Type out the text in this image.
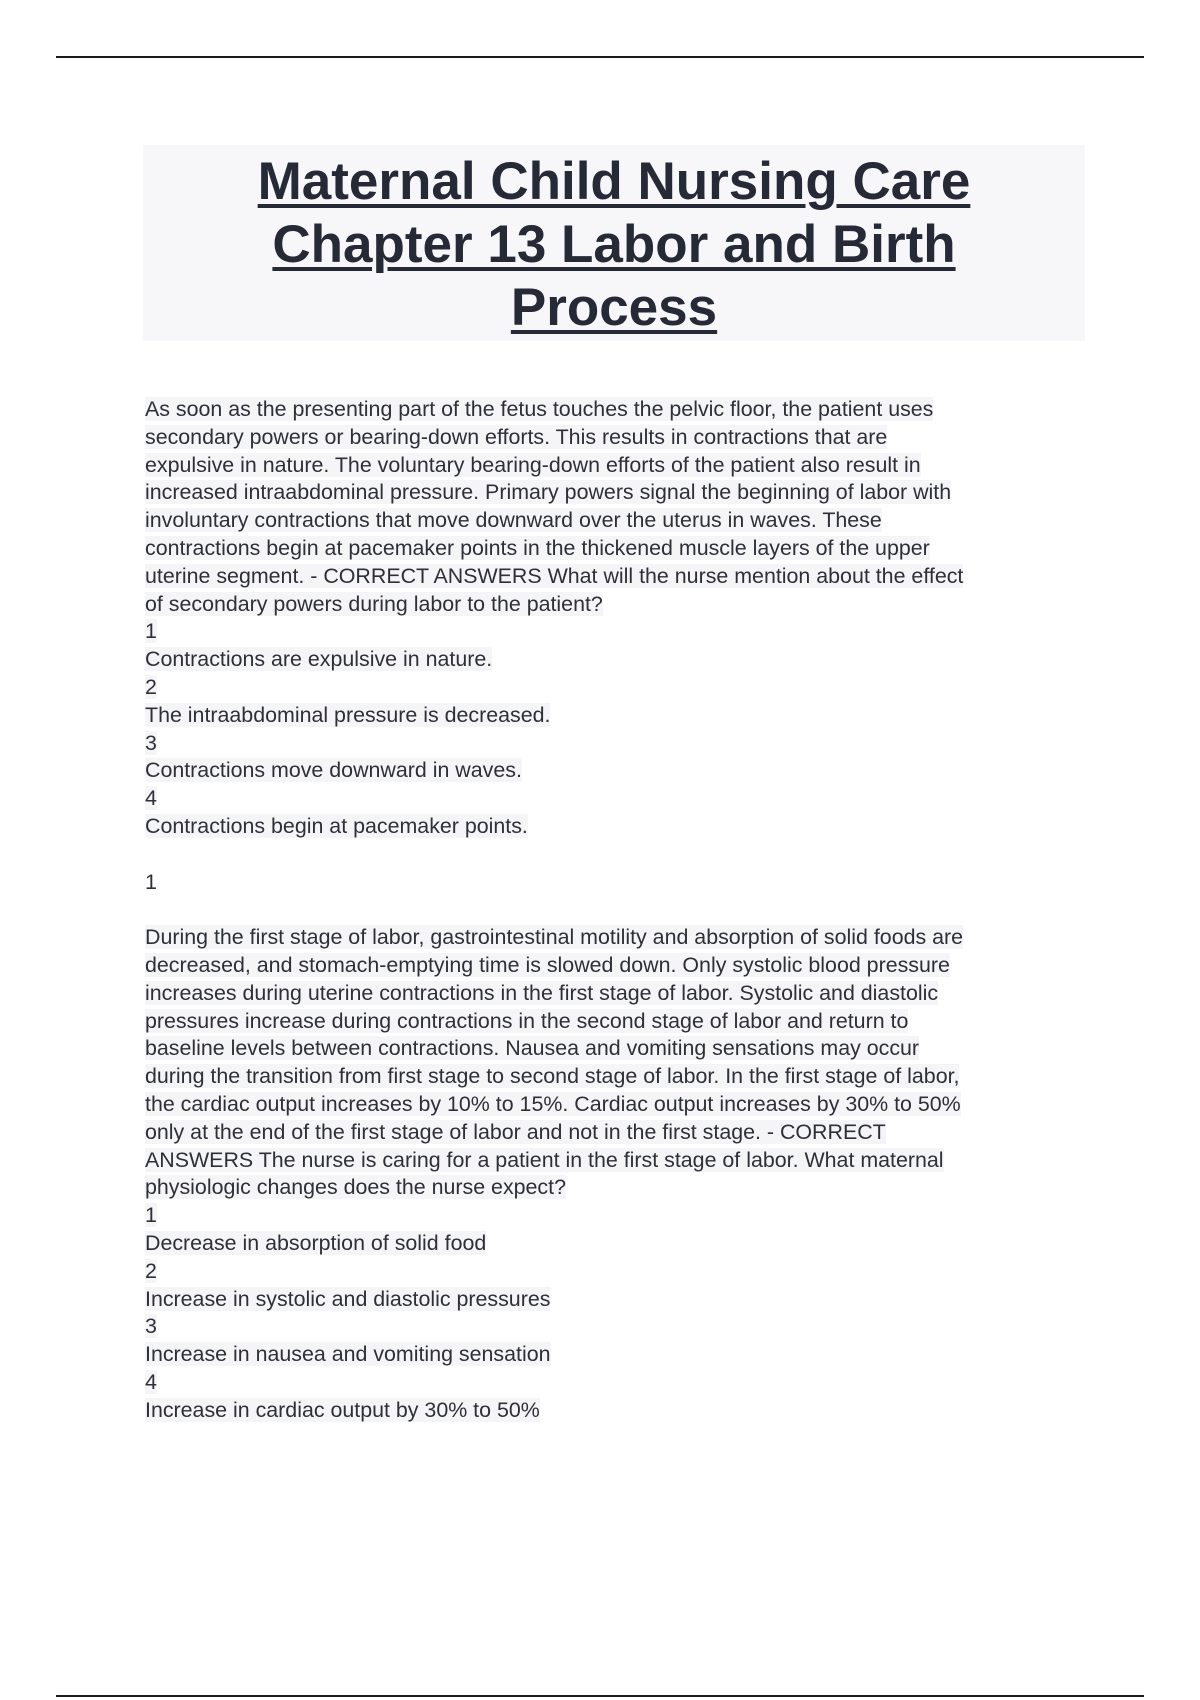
Maternal Child Nursing Care
Chapter 13 Labor and Birth
Process
As soon as the presenting part of the fetus touches the pelvic floor, the patient uses
secondary powers or bearing-down efforts. This results in contractions that are
expulsive in nature. The voluntary bearing-down efforts of the patient also result in
increased intraabdominal pressure. Primary powers signal the beginning of labor with
involuntary contractions that move downward over the uterus in waves. These
contractions begin at pacemaker points in the thickened muscle layers of the upper
uterine segment. - CORRECT ANSWERS What will the nurse mention about the effect
of secondary powers during labor to the patient?
1
Contractions are expulsive in nature.
2
The intraabdominal pressure is decreased.
3
Contractions move downward in waves.
4
Contractions begin at pacemaker points.
1
During the first stage of labor, gastrointestinal motility and absorption of solid foods are
decreased, and stomach-emptying time is slowed down. Only systolic blood pressure
increases during uterine contractions in the first stage of labor. Systolic and diastolic
pressures increase during contractions in the second stage of labor and return to
baseline levels between contractions. Nausea and vomiting sensations may occur
during the transition from first stage to second stage of labor. In the first stage of labor,
the cardiac output increases by 10% to 15%. Cardiac output increases by 30% to 50%
only at the end of the first stage of labor and not in the first stage. - CORRECT
ANSWERS The nurse is caring for a patient in the first stage of labor. What maternal
physiologic changes does the nurse expect?
1
Decrease in absorption of solid food
2
Increase in systolic and diastolic pressures
3
Increase in nausea and vomiting sensation
4
Increase in cardiac output by 30% to 50%
